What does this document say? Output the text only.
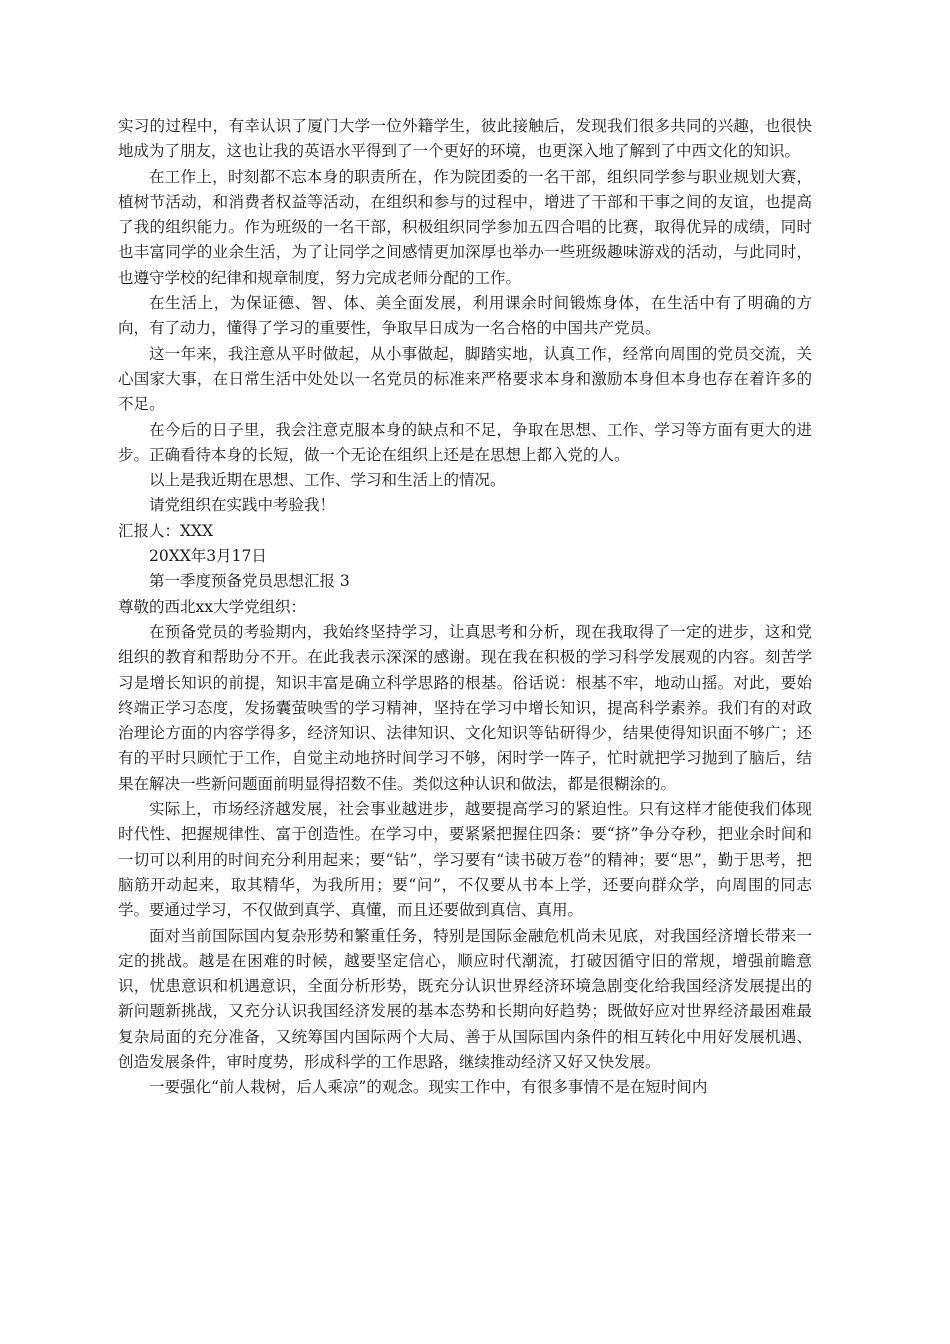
实习的过程中，有幸认识了厦门大学一位外籍学生，彼此接触后，发现我们很多共同的兴趣，也很快地成为了朋友，这也让我的英语水平得到了一个更好的环境，也更深入地了解到了中西文化的知识。

在工作上，时刻都不忘本身的职责所在，作为院团委的一名干部，组织同学参与职业规划大赛，植树节活动，和消费者权益等活动，在组织和参与的过程中，增进了干部和干事之间的友谊，也提高了我的组织能力。作为班级的一名干部，积极组织同学参加五四合唱的比赛，取得优异的成绩，同时也丰富同学的业余生活，为了让同学之间感情更加深厚也举办一些班级趣味游戏的活动，与此同时，也遵守学校的纪律和规章制度，努力完成老师分配的工作。

在生活上，为保证德、智、体、美全面发展，利用课余时间锻炼身体，在生活中有了明确的方向，有了动力，懂得了学习的重要性，争取早日成为一名合格的中国共产党员。

这一年来，我注意从平时做起，从小事做起，脚踏实地，认真工作，经常向周围的党员交流，关心国家大事，在日常生活中处处以一名党员的标准来严格要求本身和激励本身但本身也存在着许多的不足。

在今后的日子里，我会注意克服本身的缺点和不足，争取在思想、工作、学习等方面有更大的进步。正确看待本身的长短，做一个无论在组织上还是在思想上都入党的人。

以上是我近期在思想、工作、学习和生活上的情况。

请党组织在实践中考验我！

汇报人：XXX

20XX年3月17日

第一季度预备党员思想汇报 3

尊敬的西北xx大学党组织：

在预备党员的考验期内，我始终坚持学习，让真思考和分析，现在我取得了一定的进步，这和党组织的教育和帮助分不开。在此我表示深深的感谢。现在我在积极的学习科学发展观的内容。刻苦学习是增长知识的前提，知识丰富是确立科学思路的根基。俗话说：根基不牢，地动山摇。对此，要始终端正学习态度，发扬囊萤映雪的学习精神，坚持在学习中增长知识，提高科学素养。我们有的对政治理论方面的内容学得多，经济知识、法律知识、文化知识等钻研得少，结果使得知识面不够广；还有的平时只顾忙于工作，自觉主动地挤时间学习不够，闲时学一阵子，忙时就把学习抛到了脑后，结果在解决一些新问题面前明显得招数不佳。类似这种认识和做法，都是很糊涂的。

实际上，市场经济越发展，社会事业越进步，越要提高学习的紧迫性。只有这样才能使我们体现时代性、把握规律性、富于创造性。在学习中，要紧紧把握住四条：要“挤”争分夺秒，把业余时间和一切可以利用的时间充分利用起来；要“钻”，学习要有“读书破万卷”的精神；要“思”，勤于思考，把脑筋开动起来，取其精华，为我所用；要“问”，不仅要从书本上学，还要向群众学，向周围的同志学。要通过学习，不仅做到真学、真懂，而且还要做到真信、真用。

面对当前国际国内复杂形势和繁重任务，特别是国际金融危机尚未见底，对我国经济增长带来一定的挑战。越是在困难的时候，越要坚定信心，顺应时代潮流，打破因循守旧的常规，增强前瞻意识，忧患意识和机遇意识，全面分析形势，既充分认识世界经济环境急剧变化给我国经济发展提出的新问题新挑战，又充分认识我国经济发展的基本态势和长期向好趋势；既做好应对世界经济最困难最复杂局面的充分准备，又统筹国内国际两个大局、善于从国际国内条件的相互转化中用好发展机遇、创造发展条件，审时度势，形成科学的工作思路，继续推动经济又好又快发展。

一要强化“前人栽树，后人乘凉”的观念。现实工作中，有很多事情不是在短时间内
